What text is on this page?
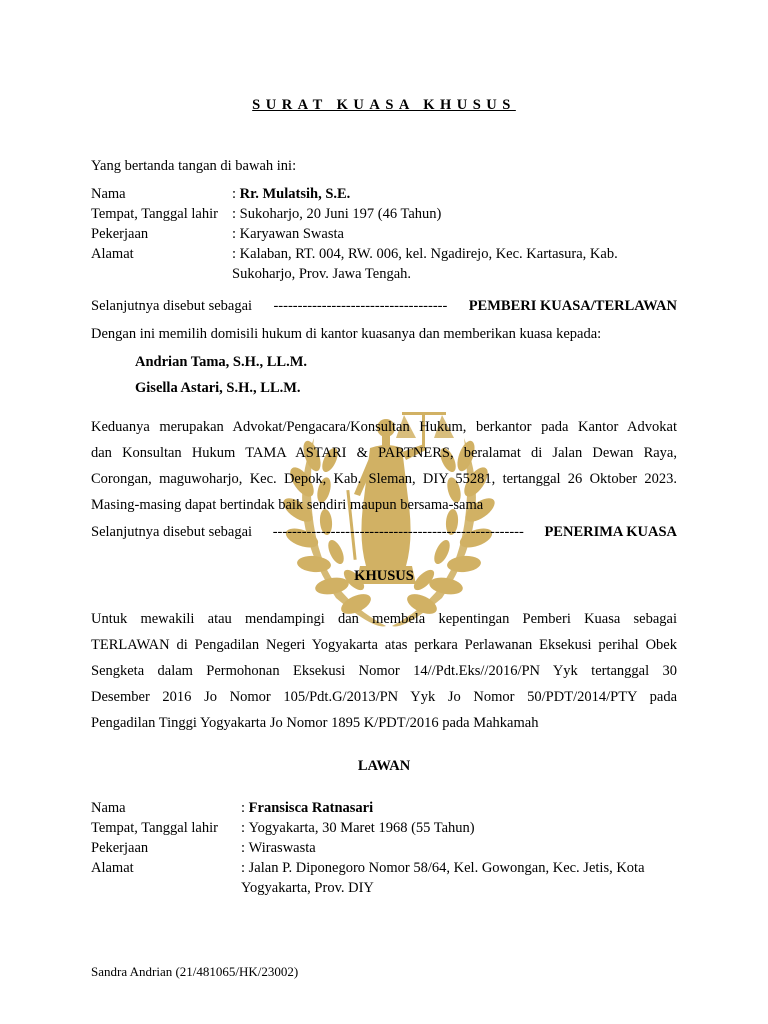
SURAT KUASA KHUSUS
Yang bertanda tangan di bawah ini:
Nama	: Rr. Mulatsih, S.E.
Tempat, Tanggal lahir : Sukoharjo, 20 Juni 197 (46 Tahun)
Pekerjaan	: Karyawan Swasta
Alamat	: Kalaban, RT. 004, RW. 006, kel. Ngadirejo, Kec. Kartasura, Kab.
Sukoharjo, Prov. Jawa Tengah.
Selanjutnya disebut sebagai ------------------------------------ PEMBERI KUASA/TERLAWAN
Dengan ini memilih domisili hukum di kantor kuasanya dan memberikan kuasa kepada:
Andrian Tama, S.H., LL.M.
Gisella Astari, S.H., LL.M.
Keduanya merupakan Advokat/Pengacara/Konsultan Hukum, berkantor pada Kantor Advokat
dan Konsultan Hukum TAMA ASTARI & PARTNERS, beralamat di Jalan Dewan Raya,
Corongan, maguwoharjo, Kec. Depok, Kab. Sleman, DIY 55281, tertanggal 26 Oktober 2023.
Masing-masing dapat bertindak baik sendiri maupun bersama-sama
Selanjutnya disebut sebagai ---------------------------------------------------- PENERIMA KUASA
KHUSUS
Untuk mewakili atau mendampingi dan membela kepentingan Pemberi Kuasa sebagai
TERLAWAN di Pengadilan Negeri Yogyakarta atas perkara Perlawanan Eksekusi perihal Obek
Sengketa dalam Permohonan Eksekusi Nomor 14//Pdt.Eks//2016/PN Yyk tertanggal 30
Desember 2016 Jo Nomor 105/Pdt.G/2013/PN Yyk Jo Nomor 50/PDT/2014/PTY pada
Pengadilan Tinggi Yogyakarta Jo Nomor 1895 K/PDT/2016 pada Mahkamah
LAWAN
Nama	: Fransisca Ratnasari
Tempat, Tanggal lahir	: Yogyakarta, 30 Maret 1968 (55 Tahun)
Pekerjaan	: Wiraswasta
Alamat	: Jalan P. Diponegoro Nomor 58/64, Kel. Gowongan, Kec. Jetis, Kota
Yogyakarta, Prov. DIY
Sandra Andrian (21/481065/HK/23002)
